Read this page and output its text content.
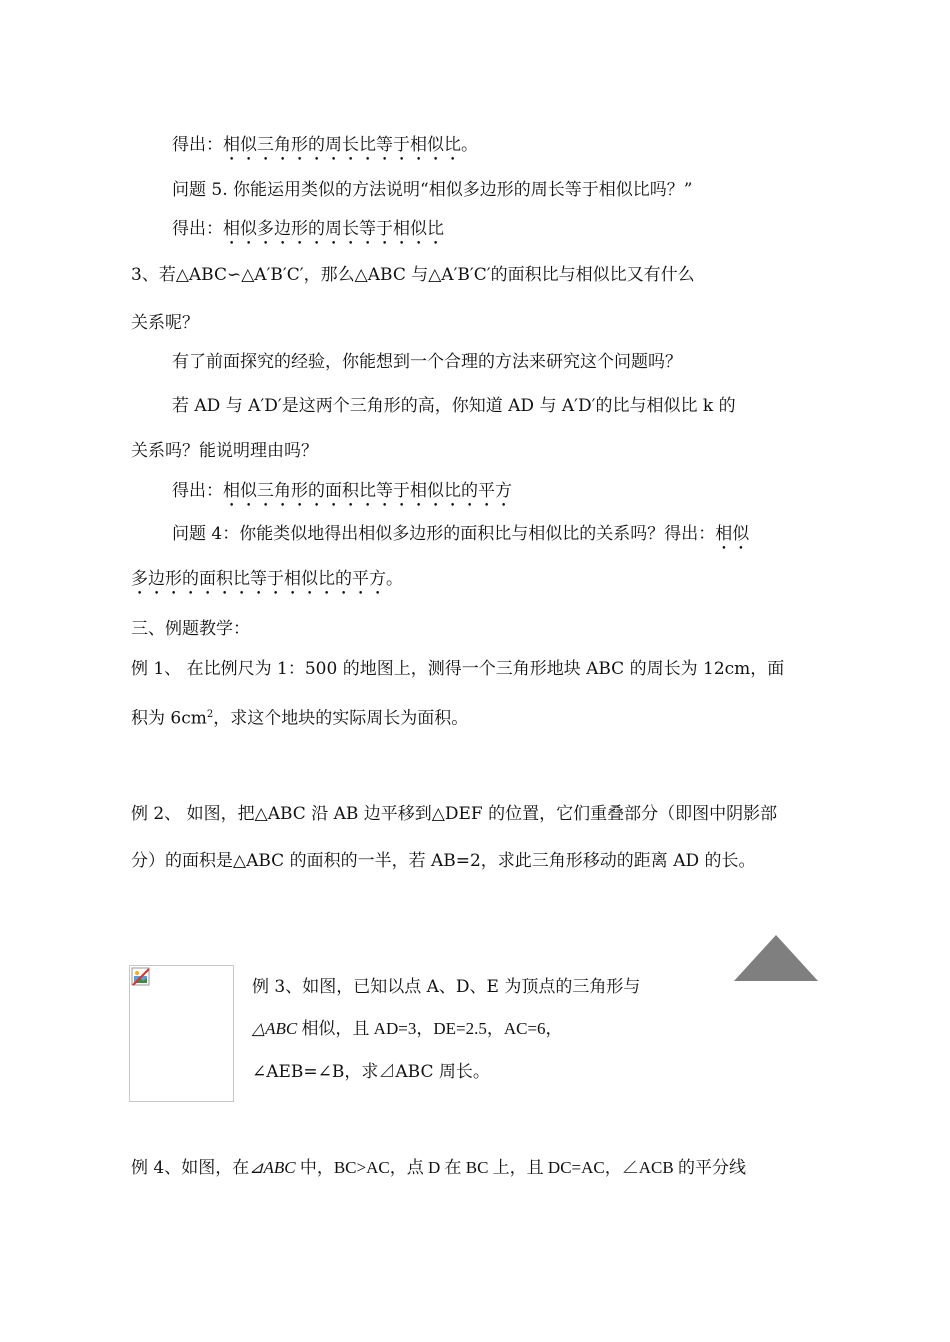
得出：相似三角形的周长比等于相似比。
问题 5. 你能运用类似的方法说明“相似多边形的周长等于相似比吗？”
得出：相似多边形的周长等于相似比
3、若△ABC∽△A′B′C′，那么△ABC 与△A′B′C′的面积比与相似比又有什么
关系呢？
有了前面探究的经验，你能想到一个合理的方法来研究这个问题吗？
若 AD 与 A′D′是这两个三角形的高，你知道 AD 与 A′D′的比与相似比 k 的
关系吗？能说明理由吗？
得出：相似三角形的面积比等于相似比的平方
问题 4：你能类似地得出相似多边形的面积比与相似比的关系吗？得出：相似
多边形的面积比等于相似比的平方。
三、例题教学：
例 1、 在比例尺为 1：500 的地图上，测得一个三角形地块 ABC 的周长为 12cm，面
积为 $6cm^2$，求这个地块的实际周长为面积。
例 2、 如图，把△ABC 沿 AB 边平移到△DEF 的位置，它们重叠部分（即图中阴影部
分）的面积是△ABC 的面积的一半，若 AB=2，求此三角形移动的距离 AD 的长。
例 3、如图，已知以点 A、D、E 为顶点的三角形与
△ABC 相似，且 AD=3，DE=2.5，AC=6，
∠AEB=∠B，求⊿ABC 周长。
例 4、如图，在⊿ABC 中，BC>AC，点 D 在 BC 上，且 DC=AC，∠ACB 的平分线
